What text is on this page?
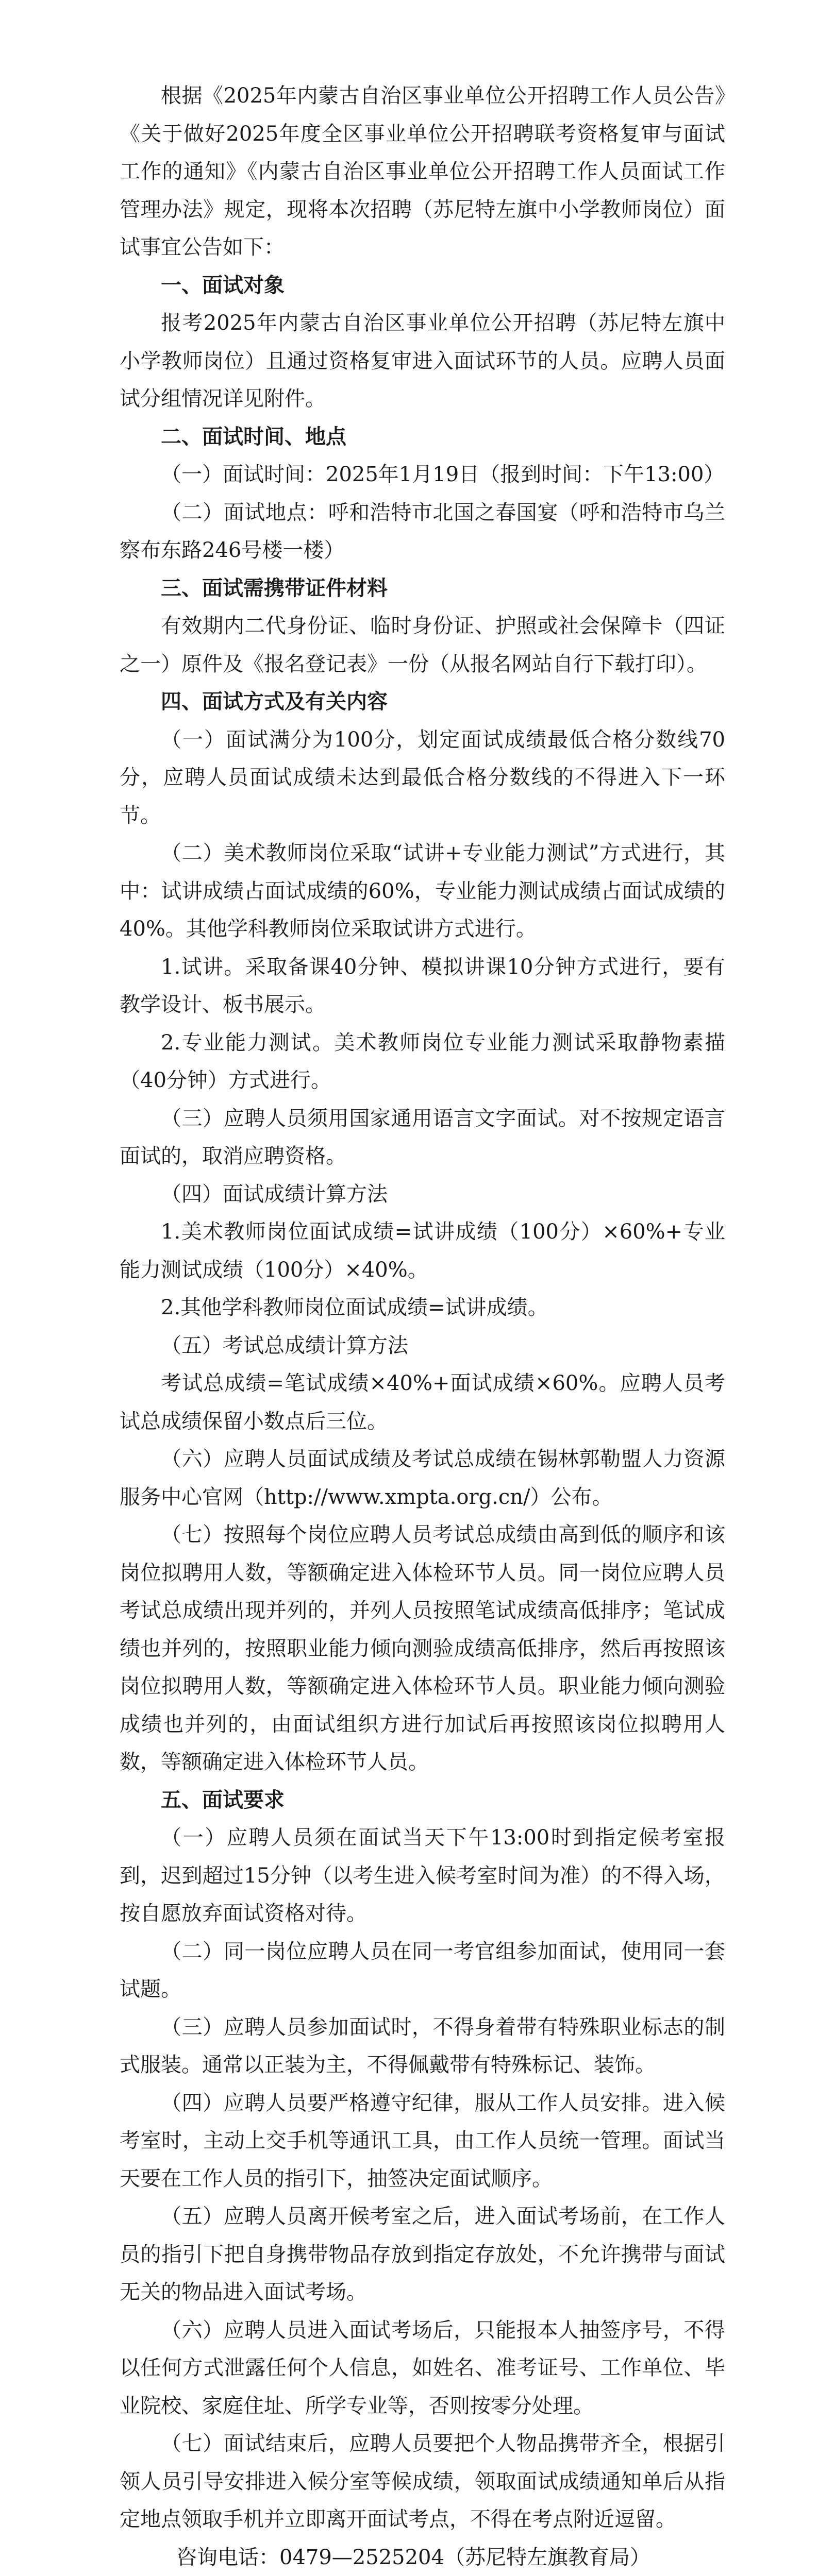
根据《2025年内蒙古自治区事业单位公开招聘工作人员公告》《关于做好2025年度全区事业单位公开招聘联考资格复审与面试工作的通知》《内蒙古自治区事业单位公开招聘工作人员面试工作管理办法》规定，现将本次招聘（苏尼特左旗中小学教师岗位）面试事宜公告如下：

一、面试对象

报考2025年内蒙古自治区事业单位公开招聘（苏尼特左旗中小学教师岗位）且通过资格复审进入面试环节的人员。应聘人员面试分组情况详见附件。

二、面试时间、地点

（一）面试时间：2025年1月19日（报到时间：下午13:00）

（二）面试地点：呼和浩特市北国之春国宴（呼和浩特市乌兰察布东路246号楼一楼）

三、面试需携带证件材料

有效期内二代身份证、临时身份证、护照或社会保障卡（四证之一）原件及《报名登记表》一份（从报名网站自行下载打印）。

四、面试方式及有关内容

（一）面试满分为100分，划定面试成绩最低合格分数线70分，应聘人员面试成绩未达到最低合格分数线的不得进入下一环节。

（二）美术教师岗位采取“试讲+专业能力测试”方式进行，其中：试讲成绩占面试成绩的60%，专业能力测试成绩占面试成绩的40%。其他学科教师岗位采取试讲方式进行。

1.试讲。采取备课40分钟、模拟讲课10分钟方式进行，要有教学设计、板书展示。

2.专业能力测试。美术教师岗位专业能力测试采取静物素描（40分钟）方式进行。

（三）应聘人员须用国家通用语言文字面试。对不按规定语言面试的，取消应聘资格。

（四）面试成绩计算方法

1.美术教师岗位面试成绩=试讲成绩（100分）×60%+专业能力测试成绩（100分）×40%。

2.其他学科教师岗位面试成绩=试讲成绩。

（五）考试总成绩计算方法

考试总成绩=笔试成绩×40%+面试成绩×60%。应聘人员考试总成绩保留小数点后三位。

（六）应聘人员面试成绩及考试总成绩在锡林郭勒盟人力资源服务中心官网（http://www.xmpta.org.cn/）公布。

（七）按照每个岗位应聘人员考试总成绩由高到低的顺序和该岗位拟聘用人数，等额确定进入体检环节人员。同一岗位应聘人员考试总成绩出现并列的，并列人员按照笔试成绩高低排序；笔试成绩也并列的，按照职业能力倾向测验成绩高低排序，然后再按照该岗位拟聘用人数，等额确定进入体检环节人员。职业能力倾向测验成绩也并列的，由面试组织方进行加试后再按照该岗位拟聘用人数，等额确定进入体检环节人员。

五、面试要求

（一）应聘人员须在面试当天下午13:00时到指定候考室报到，迟到超过15分钟（以考生进入候考室时间为准）的不得入场，按自愿放弃面试资格对待。

（二）同一岗位应聘人员在同一考官组参加面试，使用同一套试题。

（三）应聘人员参加面试时，不得身着带有特殊职业标志的制式服装。通常以正装为主，不得佩戴带有特殊标记、装饰。

（四）应聘人员要严格遵守纪律，服从工作人员安排。进入候考室时，主动上交手机等通讯工具，由工作人员统一管理。面试当天要在工作人员的指引下，抽签决定面试顺序。

（五）应聘人员离开候考室之后，进入面试考场前，在工作人员的指引下把自身携带物品存放到指定存放处，不允许携带与面试无关的物品进入面试考场。

（六）应聘人员进入面试考场后，只能报本人抽签序号，不得以任何方式泄露任何个人信息，如姓名、准考证号、工作单位、毕业院校、家庭住址、所学专业等，否则按零分处理。

（七）面试结束后，应聘人员要把个人物品携带齐全，根据引领人员引导安排进入候分室等候成绩，领取面试成绩通知单后从指定地点领取手机并立即离开面试考点，不得在考点附近逗留。

咨询电话：0479—2525204（苏尼特左旗教育局）
